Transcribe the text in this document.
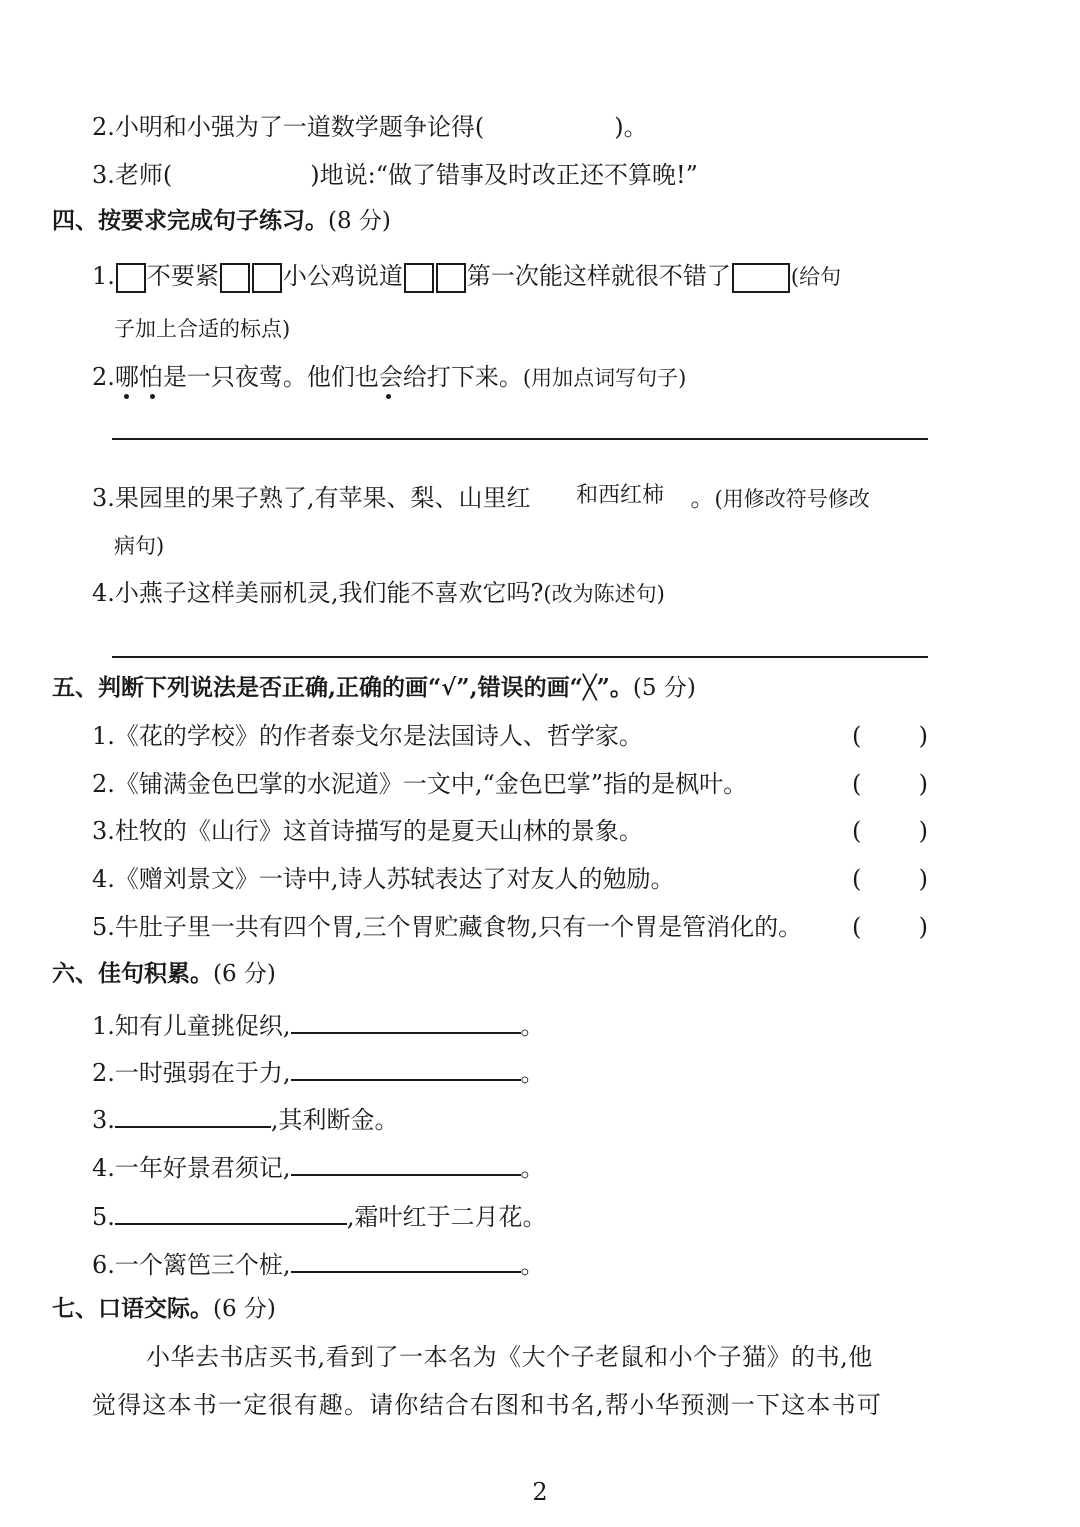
2.小明和小强为了一道数学题争论得(	)。
3.老师(	)地说:“做了错事及时改正还不算晚!”
四、按要求完成句子练习。(8 分)
1. 不要紧	小公鸡说道	第一次能这样就很不错了	(给句
子加上合适的标点)
2.哪怕是一只夜莺。他们也会给打下来。(用加点词写句子)
和西红柿
3.果园里的果子熟了,有苹果、梨、山里红	。(用修改符号修改
病句)
4.小燕子这样美丽机灵,我们能不喜欢它吗?(改为陈述句)
五、判断下列说法是否正确,正确的画“√”,错误的画“╳”。(5 分)
1.《花的学校》的作者泰戈尔是法国诗人、哲学家。	( )
2.《铺满金色巴掌的水泥道》一文中,“金色巴掌”指的是枫叶。	( )
3.杜牧的《山行》这首诗描写的是夏天山林的景象。	( )
4.《赠刘景文》一诗中,诗人苏轼表达了对友人的勉励。	( )
5.牛肚子里一共有四个胃,三个胃贮藏食物,只有一个胃是管消化的。 ( )
六、佳句积累。(6 分)
1.知有儿童挑促织,	。
2.一时强弱在于力,	。
3.	,其利断金。
4.一年好景君须记,	。
5.	,霜叶红于二月花。
6.一个篱笆三个桩,	。
七、口语交际。(6 分)
小华去书店买书,看到了一本名为《大个子老鼠和小个子猫》的书,他
觉得这本书一定很有趣。请你结合右图和书名,帮小华预测一下这本书可
2
